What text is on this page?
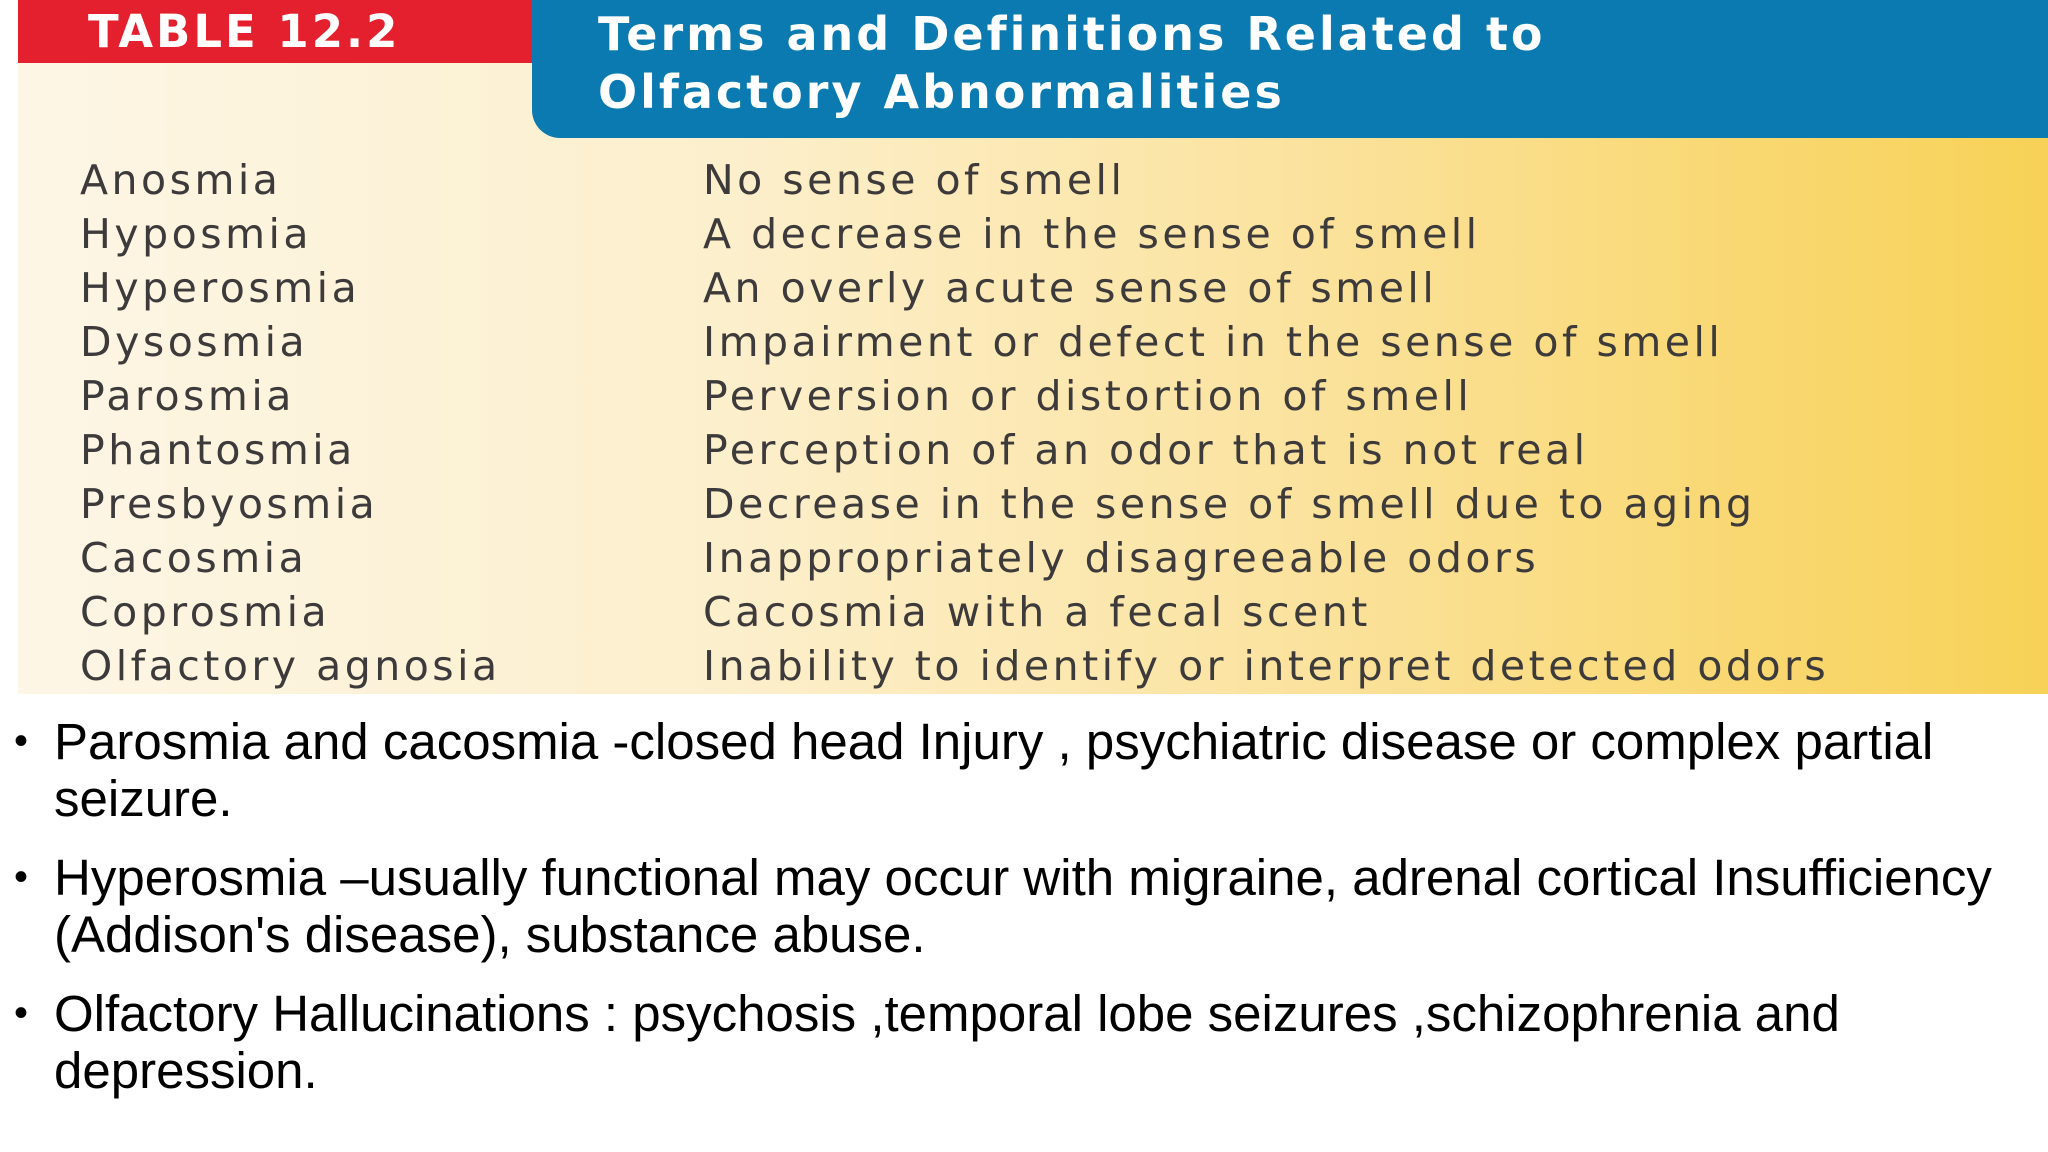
TABLE 12.2	Terms and Definitions Related to
Olfactory Abnormalities
Anosmia	No sense of smell
Hyposmia	A decrease in the sense of smell
Hyperosmia	An overly acute sense of smell
Dysosmia	Impairment or defect in the sense of smell
Parosmia	Perversion or distortion of smell
Phantosmia	Perception of an odor that is not real
Presbyosmia	Decrease in the sense of smell due to aging
Cacosmia	Inappropriately disagreeable odors
Coprosmia	Cacosmia with a fecal scent
Olfactory agnosia	Inability to identify or interpret detected odors
• Parosmia and cacosmia -closed head Injury , psychiatric disease or complex partial seizure.
• Hyperosmia –usually functional may occur with migraine, adrenal cortical Insufficiency (Addison's disease), substance abuse.
• Olfactory Hallucinations : psychosis ,temporal lobe seizures ,schizophrenia and depression.
